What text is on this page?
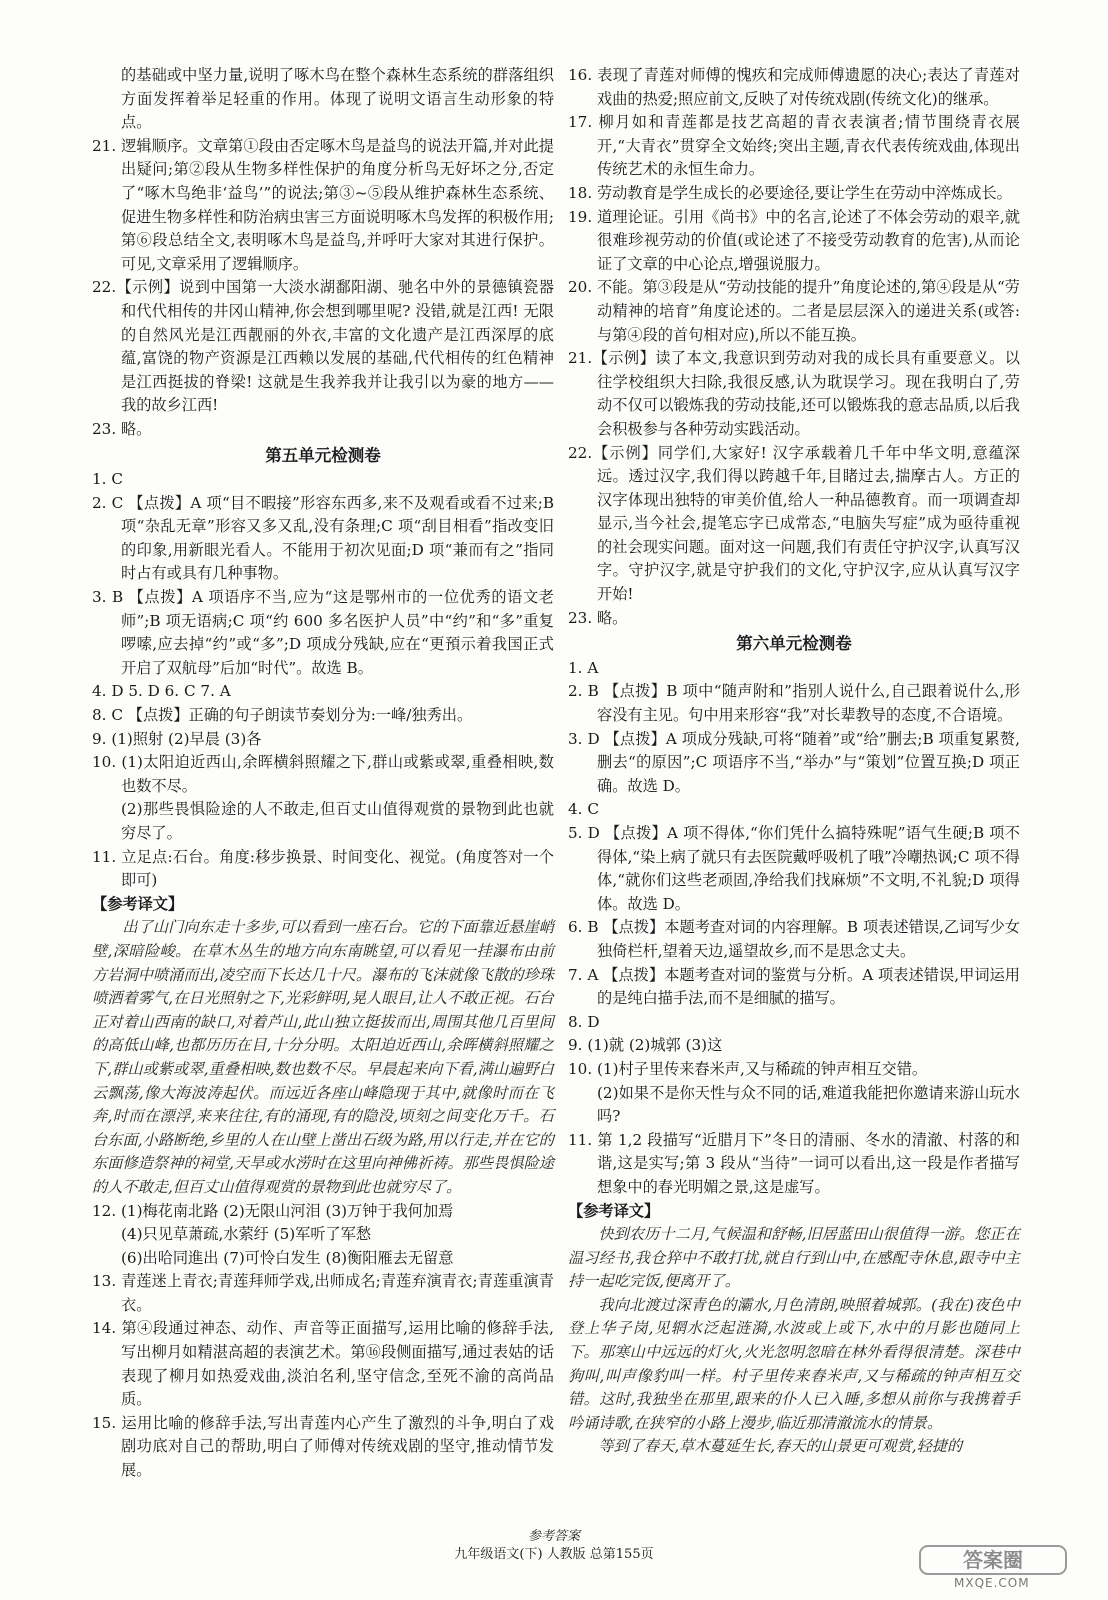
的基础或中坚力量,说明了啄木鸟在整个森林生态系统的群落组织方面发挥着举足轻重的作用。体现了说明文语言生动形象的特点。

21. 逻辑顺序。文章第①段由否定啄木鸟是益鸟的说法开篇,并对此提出疑问;第②段从生物多样性保护的角度分析鸟无好坏之分,否定了“啄木鸟绝非‘益鸟’”的说法;第③~⑤段从维护森林生态系统、促进生物多样性和防治病虫害三方面说明啄木鸟发挥的积极作用;第⑥段总结全文,表明啄木鸟是益鸟,并呼吁大家对其进行保护。可见,文章采用了逻辑顺序。

22.【示例】说到中国第一大淡水湖鄱阳湖、驰名中外的景德镇瓷器和代代相传的井冈山精神,你会想到哪里呢? 没错,就是江西! 无限的自然风光是江西靓丽的外衣,丰富的文化遗产是江西深厚的底蕴,富饶的物产资源是江西赖以发展的基础,代代相传的红色精神是江西挺拔的脊梁! 这就是生我养我并让我引以为豪的地方——我的故乡江西!

23. 略。

第五单元检测卷

1. C

2. C 【点拨】A 项“目不暇接”形容东西多,来不及观看或看不过来;B 项“杂乱无章”形容又多又乱,没有条理;C 项“刮目相看”指改变旧的印象,用新眼光看人。不能用于初次见面;D 项“兼而有之”指同时占有或具有几种事物。

3. B 【点拨】A 项语序不当,应为“这是鄂州市的一位优秀的语文老师”;B 项无语病;C 项“约 600 多名医护人员”中“约”和“多”重复啰嗦,应去掉“约”或“多”;D 项成分残缺,应在“更預示着我国正式开启了双航母”后加“时代”。故选 B。

4. D 5. D 6. C 7. A

8. C 【点拨】正确的句子朗读节奏划分为:一峰/独秀出。

9. (1)照射 (2)早晨 (3)各

10. (1)太阳迫近西山,余晖横斜照耀之下,群山或紫或翠,重叠相映,数也数不尽。

(2)那些畏惧险途的人不敢走,但百丈山值得观赏的景物到此也就穷尽了。

11. 立足点:石台。角度:移步换景、时间变化、视觉。(角度答对一个即可)

【参考译文】

出了山门向东走十多步,可以看到一座石台。它的下面靠近悬崖峭壁,深暗险峻。在草木丛生的地方向东南眺望,可以看见一挂瀑布由前方岩洞中喷涌而出,凌空而下长达几十尺。瀑布的飞沫就像飞散的珍珠喷洒着雾气,在日光照射之下,光彩鲜明,晃人眼目,让人不敢正视。石台正对着山西南的缺口,对着芦山,此山独立挺拔而出,周围其他几百里间的高低山峰,也都历历在目,十分分明。太阳迫近西山,余晖横斜照耀之下,群山或紫或翠,重叠相映,数也数不尽。早晨起来向下看,满山遍野白云飘荡,像大海波涛起伏。而远近各座山峰隐现于其中,就像时而在飞奔,时而在漂浮,来来往往,有的涌现,有的隐没,顷刻之间变化万千。石台东面,小路断绝,乡里的人在山壁上凿出石级为路,用以行走,并在它的东面修造祭神的祠堂,天旱或水涝时在这里向神佛祈祷。那些畏惧险途的人不敢走,但百丈山值得观赏的景物到此也就穷尽了。

12. (1)梅花南北路 (2)无限山河泪 (3)万钟于我何加焉

(4)只见草萧疏,水萦纡 (5)军听了军愁

(6)出哈同進出 (7)可怜白发生 (8)衡阳雁去无留意

13. 青莲迷上青衣;青莲拜师学戏,出师成名;青莲弃演青衣;青莲重演青衣。

14. 第④段通过神态、动作、声音等正面描写,运用比喻的修辞手法,写出柳月如精湛高超的表演艺术。第⑯段侧面描写,通过表姑的话表现了柳月如热爱戏曲,淡泊名利,坚守信念,至死不渝的高尚品质。

15. 运用比喻的修辞手法,写出青莲内心产生了激烈的斗争,明白了戏剧功底对自己的帮助,明白了师傅对传统戏剧的坚守,推动情节发展。

16. 表现了青莲对师傅的愧疚和完成师傅遗愿的决心;表达了青莲对戏曲的热爱;照应前文,反映了对传统戏剧(传统文化)的继承。

17. 柳月如和青莲都是技艺高超的青衣表演者;情节围绕青衣展开,“大青衣”贯穿全文始终;突出主题,青衣代表传统戏曲,体现出传统艺术的永恒生命力。

18. 劳动教育是学生成长的必要途径,要让学生在劳动中淬炼成长。

19. 道理论证。引用《尚书》中的名言,论述了不体会劳动的艰辛,就很难珍视劳动的价值(或论述了不接受劳动教育的危害),从而论证了文章的中心论点,增强说服力。

20. 不能。第③段是从“劳动技能的提升”角度论述的,第④段是从“劳动精神的培育”角度论述的。二者是层层深入的递进关系(或答:与第④段的首句相对应),所以不能互换。

21.【示例】读了本文,我意识到劳动对我的成长具有重要意义。以往学校组织大扫除,我很反感,认为耽误学习。现在我明白了,劳动不仅可以锻炼我的劳动技能,还可以锻炼我的意志品质,以后我会积极参与各种劳动实践活动。

22.【示例】同学们,大家好! 汉字承载着几千年中华文明,意蕴深远。透过汉字,我们得以跨越千年,目睹过去,揣摩古人。方正的汉字体现出独特的审美价值,给人一种品德教育。而一项调查却显示,当今社会,提笔忘字已成常态,“电脑失写症”成为亟待重视的社会现实问题。面对这一问题,我们有责任守护汉字,认真写汉字。守护汉字,就是守护我们的文化,守护汉字,应从认真写汉字开始!

23. 略。

第六单元检测卷

1. A

2. B 【点拨】B 项中“随声附和”指别人说什么,自己跟着说什么,形容没有主见。句中用来形容“我”对长辈教导的态度,不合语境。

3. D 【点拨】A 项成分残缺,可将“随着”或“给”删去;B 项重复累赘,删去“的原因”;C 项语序不当,“举办”与“策划”位置互换;D 项正确。故选 D。

4. C

5. D 【点拨】A 项不得体,“你们凭什么搞特殊呢”语气生硬;B 项不得体,“染上病了就只有去医院戴呼吸机了哦”冷嘲热讽;C 项不得体,“就你们这些老顽固,净给我们找麻烦”不文明,不礼貌;D 项得体。故选 D。

6. B 【点拨】本题考查对词的内容理解。B 项表述错误,乙词写少女独倚栏杆,望着天边,遥望故乡,而不是思念丈夫。

7. A 【点拨】本题考查对词的鉴赏与分析。A 项表述错误,甲词运用的是纯白描手法,而不是细腻的描写。

8. D

9. (1)就 (2)城郭 (3)这

10. (1)村子里传来舂米声,又与稀疏的钟声相互交错。

(2)如果不是你天性与众不同的话,难道我能把你邀请来游山玩水吗?

11. 第 1,2 段描写“近腊月下”冬日的清丽、冬水的清澈、村落的和谐,这是实写;第 3 段从“当待”一词可以看出,这一段是作者描写想象中的春光明媚之景,这是虚写。

【参考译文】

快到农历十二月,气候温和舒畅,旧居蓝田山很值得一游。您正在温习经书,我仓猝中不敢打扰,就自行到山中,在感配寺休息,跟寺中主持一起吃完饭,便离开了。

我向北渡过深青色的灞水,月色清朗,映照着城郭。(我在)夜色中登上华子岗,见辋水泛起涟漪,水波或上或下,水中的月影也随同上下。那寒山中远远的灯火,火光忽明忽暗在林外看得很清楚。深巷中狗叫,叫声像豹叫一样。村子里传来舂米声,又与稀疏的钟声相互交错。这时,我独坐在那里,跟来的仆人已入睡,多想从前你与我携着手吟诵诗歌,在狭窄的小路上漫步,临近那清澈流水的情景。

等到了春天,草木蔓延生长,春天的山景更可观赏,轻捷的

参考答案
九年级语文(下) 人教版 总第155页
MXQE.COM
答案圈
